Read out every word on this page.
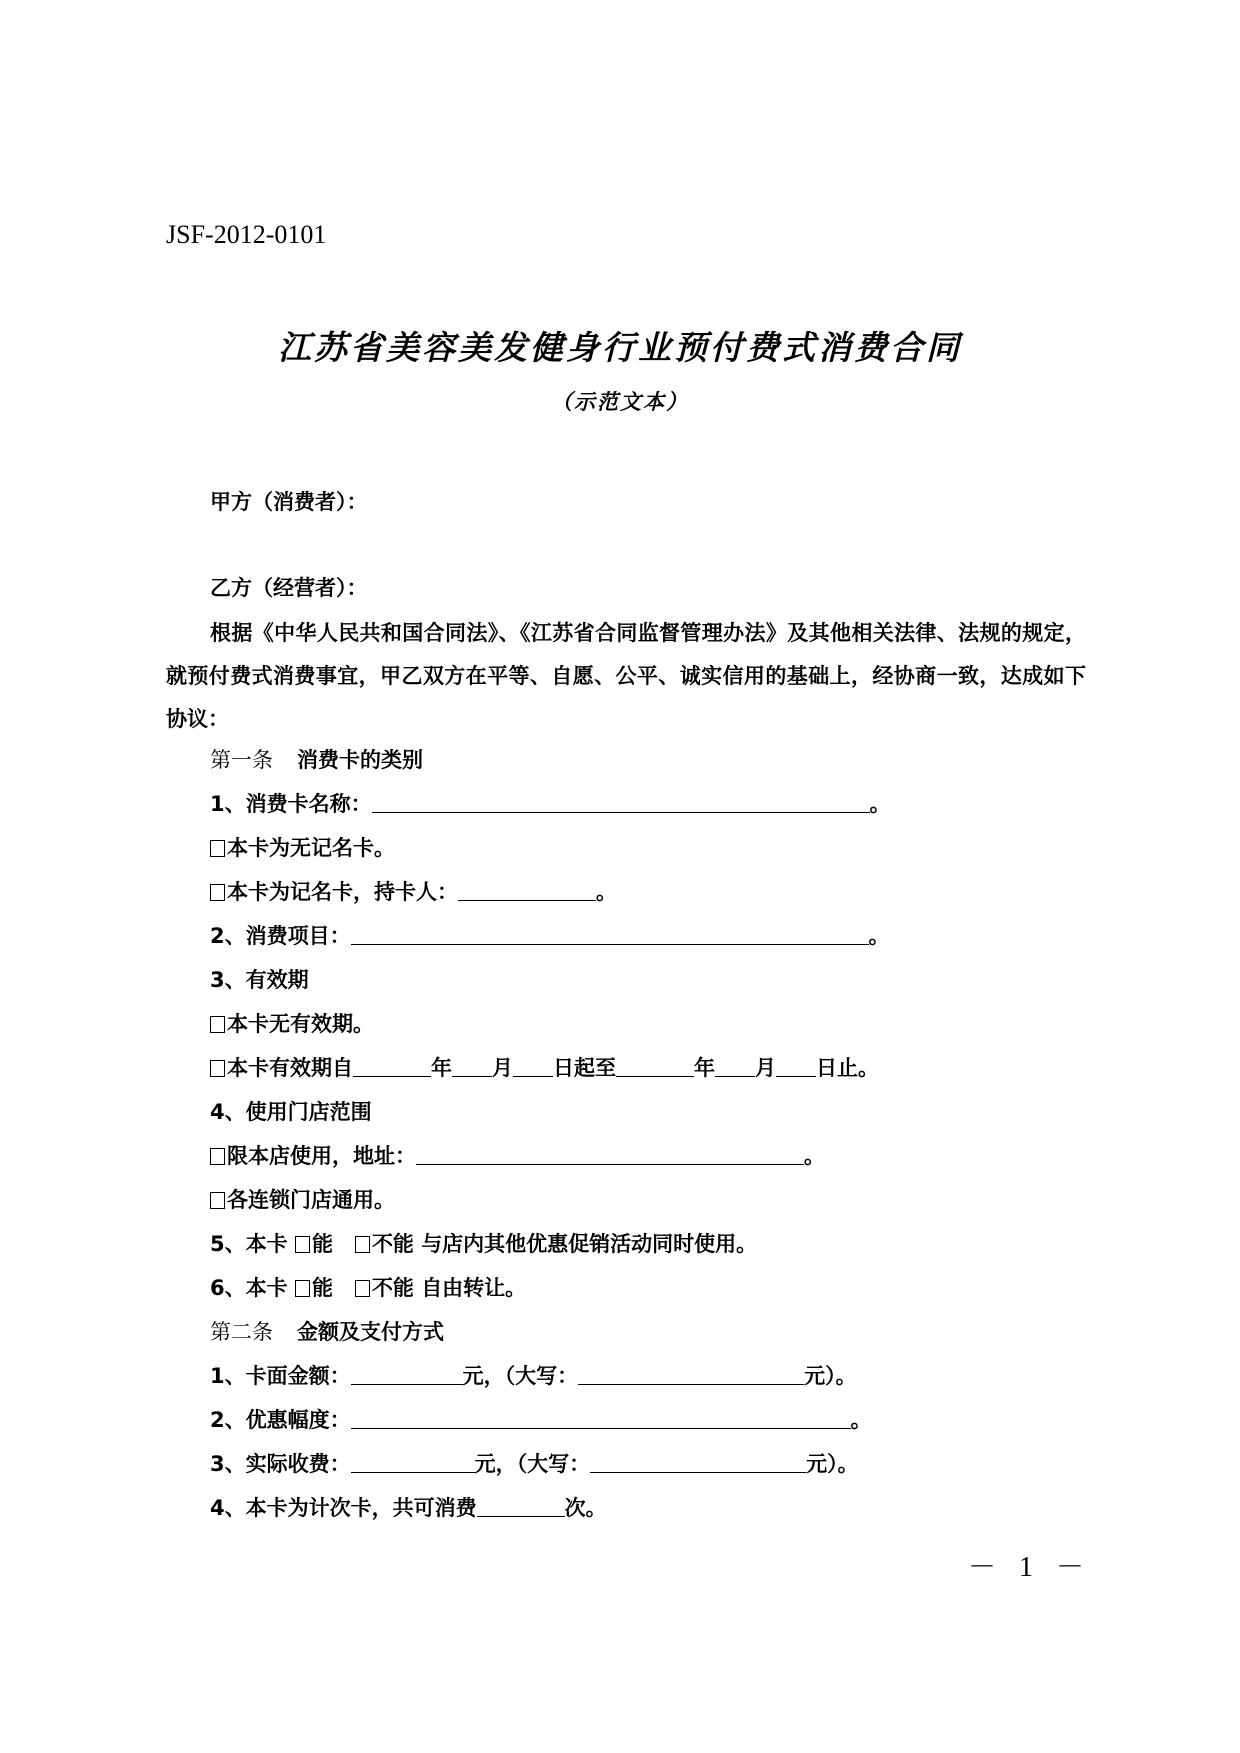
JSF-2012-0101
江苏省美容美发健身行业预付费式消费合同
（示范文本）
甲方（消费者）：
乙方（经营者）：
根据《中华人民共和国合同法》、《江苏省合同监督管理办法》及其他相关法律、法规的规定，就预付费式消费事宜，甲乙双方在平等、自愿、公平、诚实信用的基础上，经协商一致，达成如下协议：
第一条 消费卡的类别
1、消费卡名称：	。
本卡为无记名卡。
本卡为记名卡，持卡人：	。
2、消费项目：	。
3、有效期
本卡无有效期。
本卡有效期自	年 月 日起至	年 月 日止。
4、使用门店范围
限本店使用，地址：	。
各连锁门店通用。
5、本卡 能 不能 与店内其他优惠促销活动同时使用。
6、本卡 能 不能 自由转让。
第二条 金额及支付方式
1、卡面金额：	元，（大写：	元）。
2、优惠幅度：	。
3、实际收费：	元，（大写：	元）。
4、本卡为计次卡，共可消费	次。
－ 1 －
